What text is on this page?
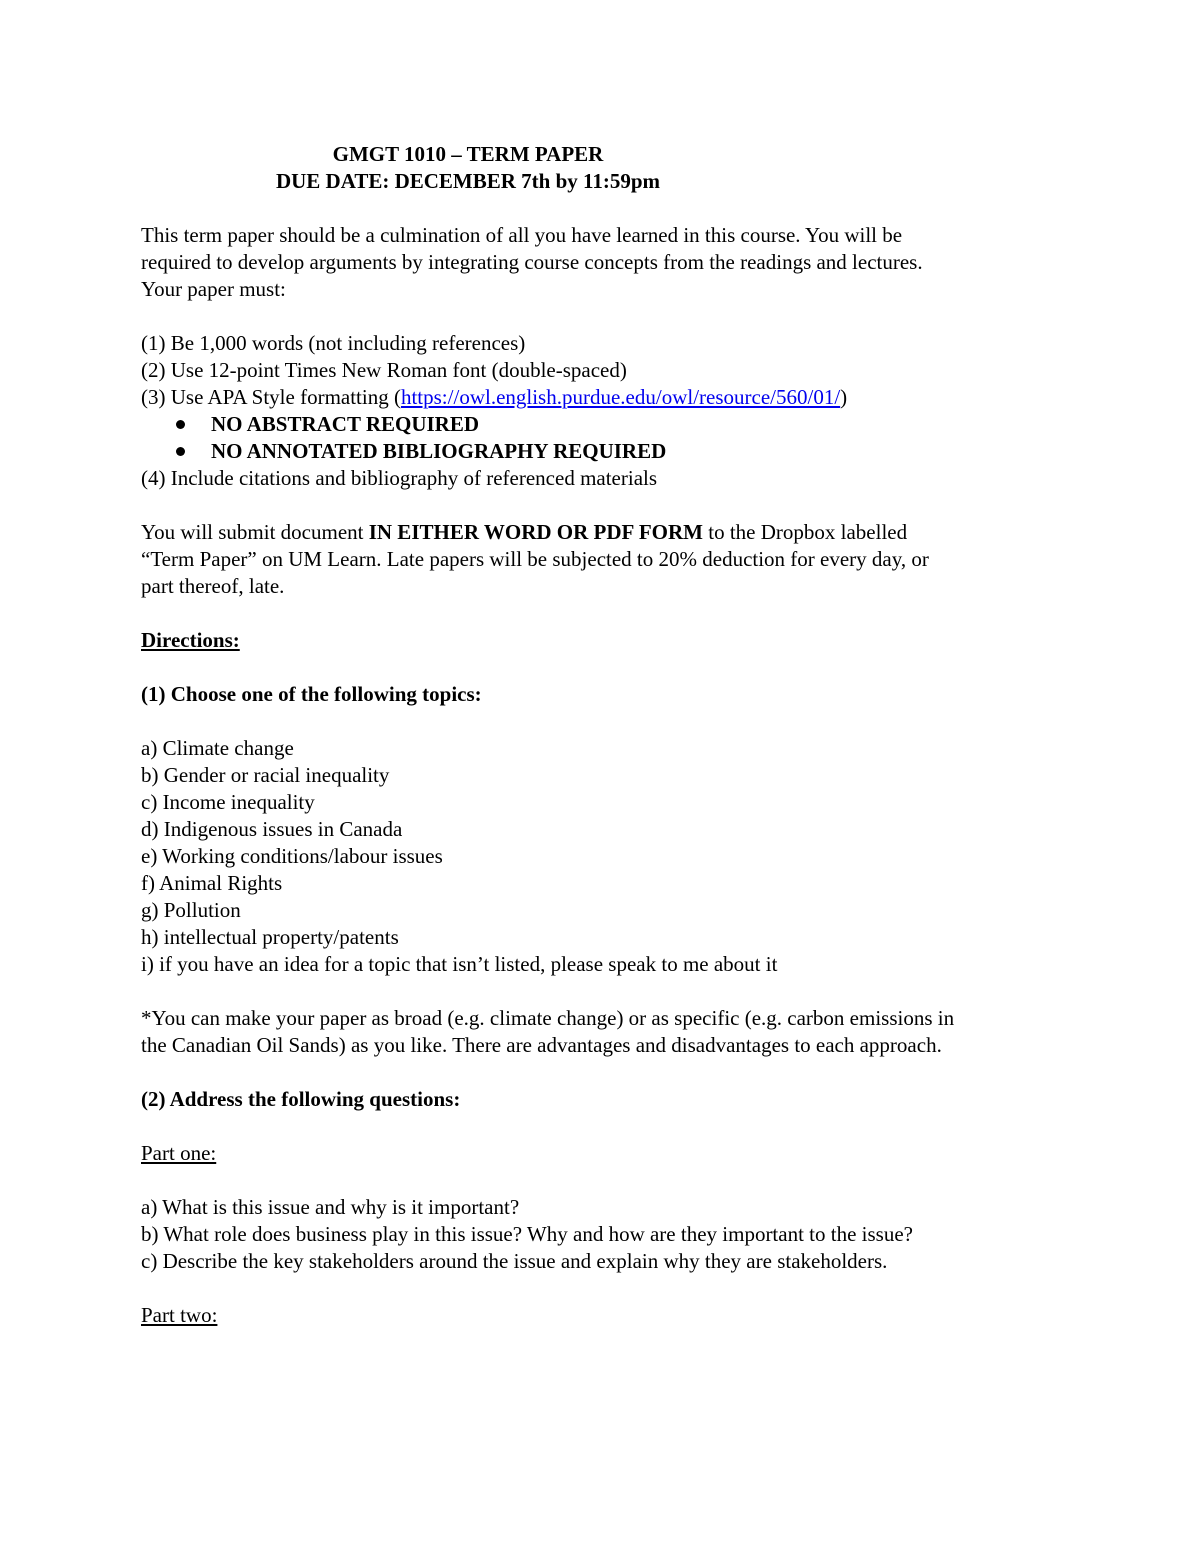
GMGT 1010 – TERM PAPER
DUE DATE: DECEMBER 7th by 11:59pm
This term paper should be a culmination of all you have learned in this course. You will be
required to develop arguments by integrating course concepts from the readings and lectures.
Your paper must:
(1) Be 1,000 words (not including references)
(2) Use 12-point Times New Roman font (double-spaced)
(3) Use APA Style formatting (https://owl.english.purdue.edu/owl/resource/560/01/)
NO ABSTRACT REQUIRED
NO ANNOTATED BIBLIOGRAPHY REQUIRED
(4) Include citations and bibliography of referenced materials
You will submit document IN EITHER WORD OR PDF FORM to the Dropbox labelled
“Term Paper” on UM Learn. Late papers will be subjected to 20% deduction for every day, or
part thereof, late.
Directions:
(1) Choose one of the following topics:
a) Climate change
b) Gender or racial inequality
c) Income inequality
d) Indigenous issues in Canada
e) Working conditions/labour issues
f) Animal Rights
g) Pollution
h) intellectual property/patents
i) if you have an idea for a topic that isn’t listed, please speak to me about it
*You can make your paper as broad (e.g. climate change) or as specific (e.g. carbon emissions in
the Canadian Oil Sands) as you like. There are advantages and disadvantages to each approach.
(2) Address the following questions:
Part one:
a) What is this issue and why is it important?
b) What role does business play in this issue? Why and how are they important to the issue?
c) Describe the key stakeholders around the issue and explain why they are stakeholders.
Part two:
